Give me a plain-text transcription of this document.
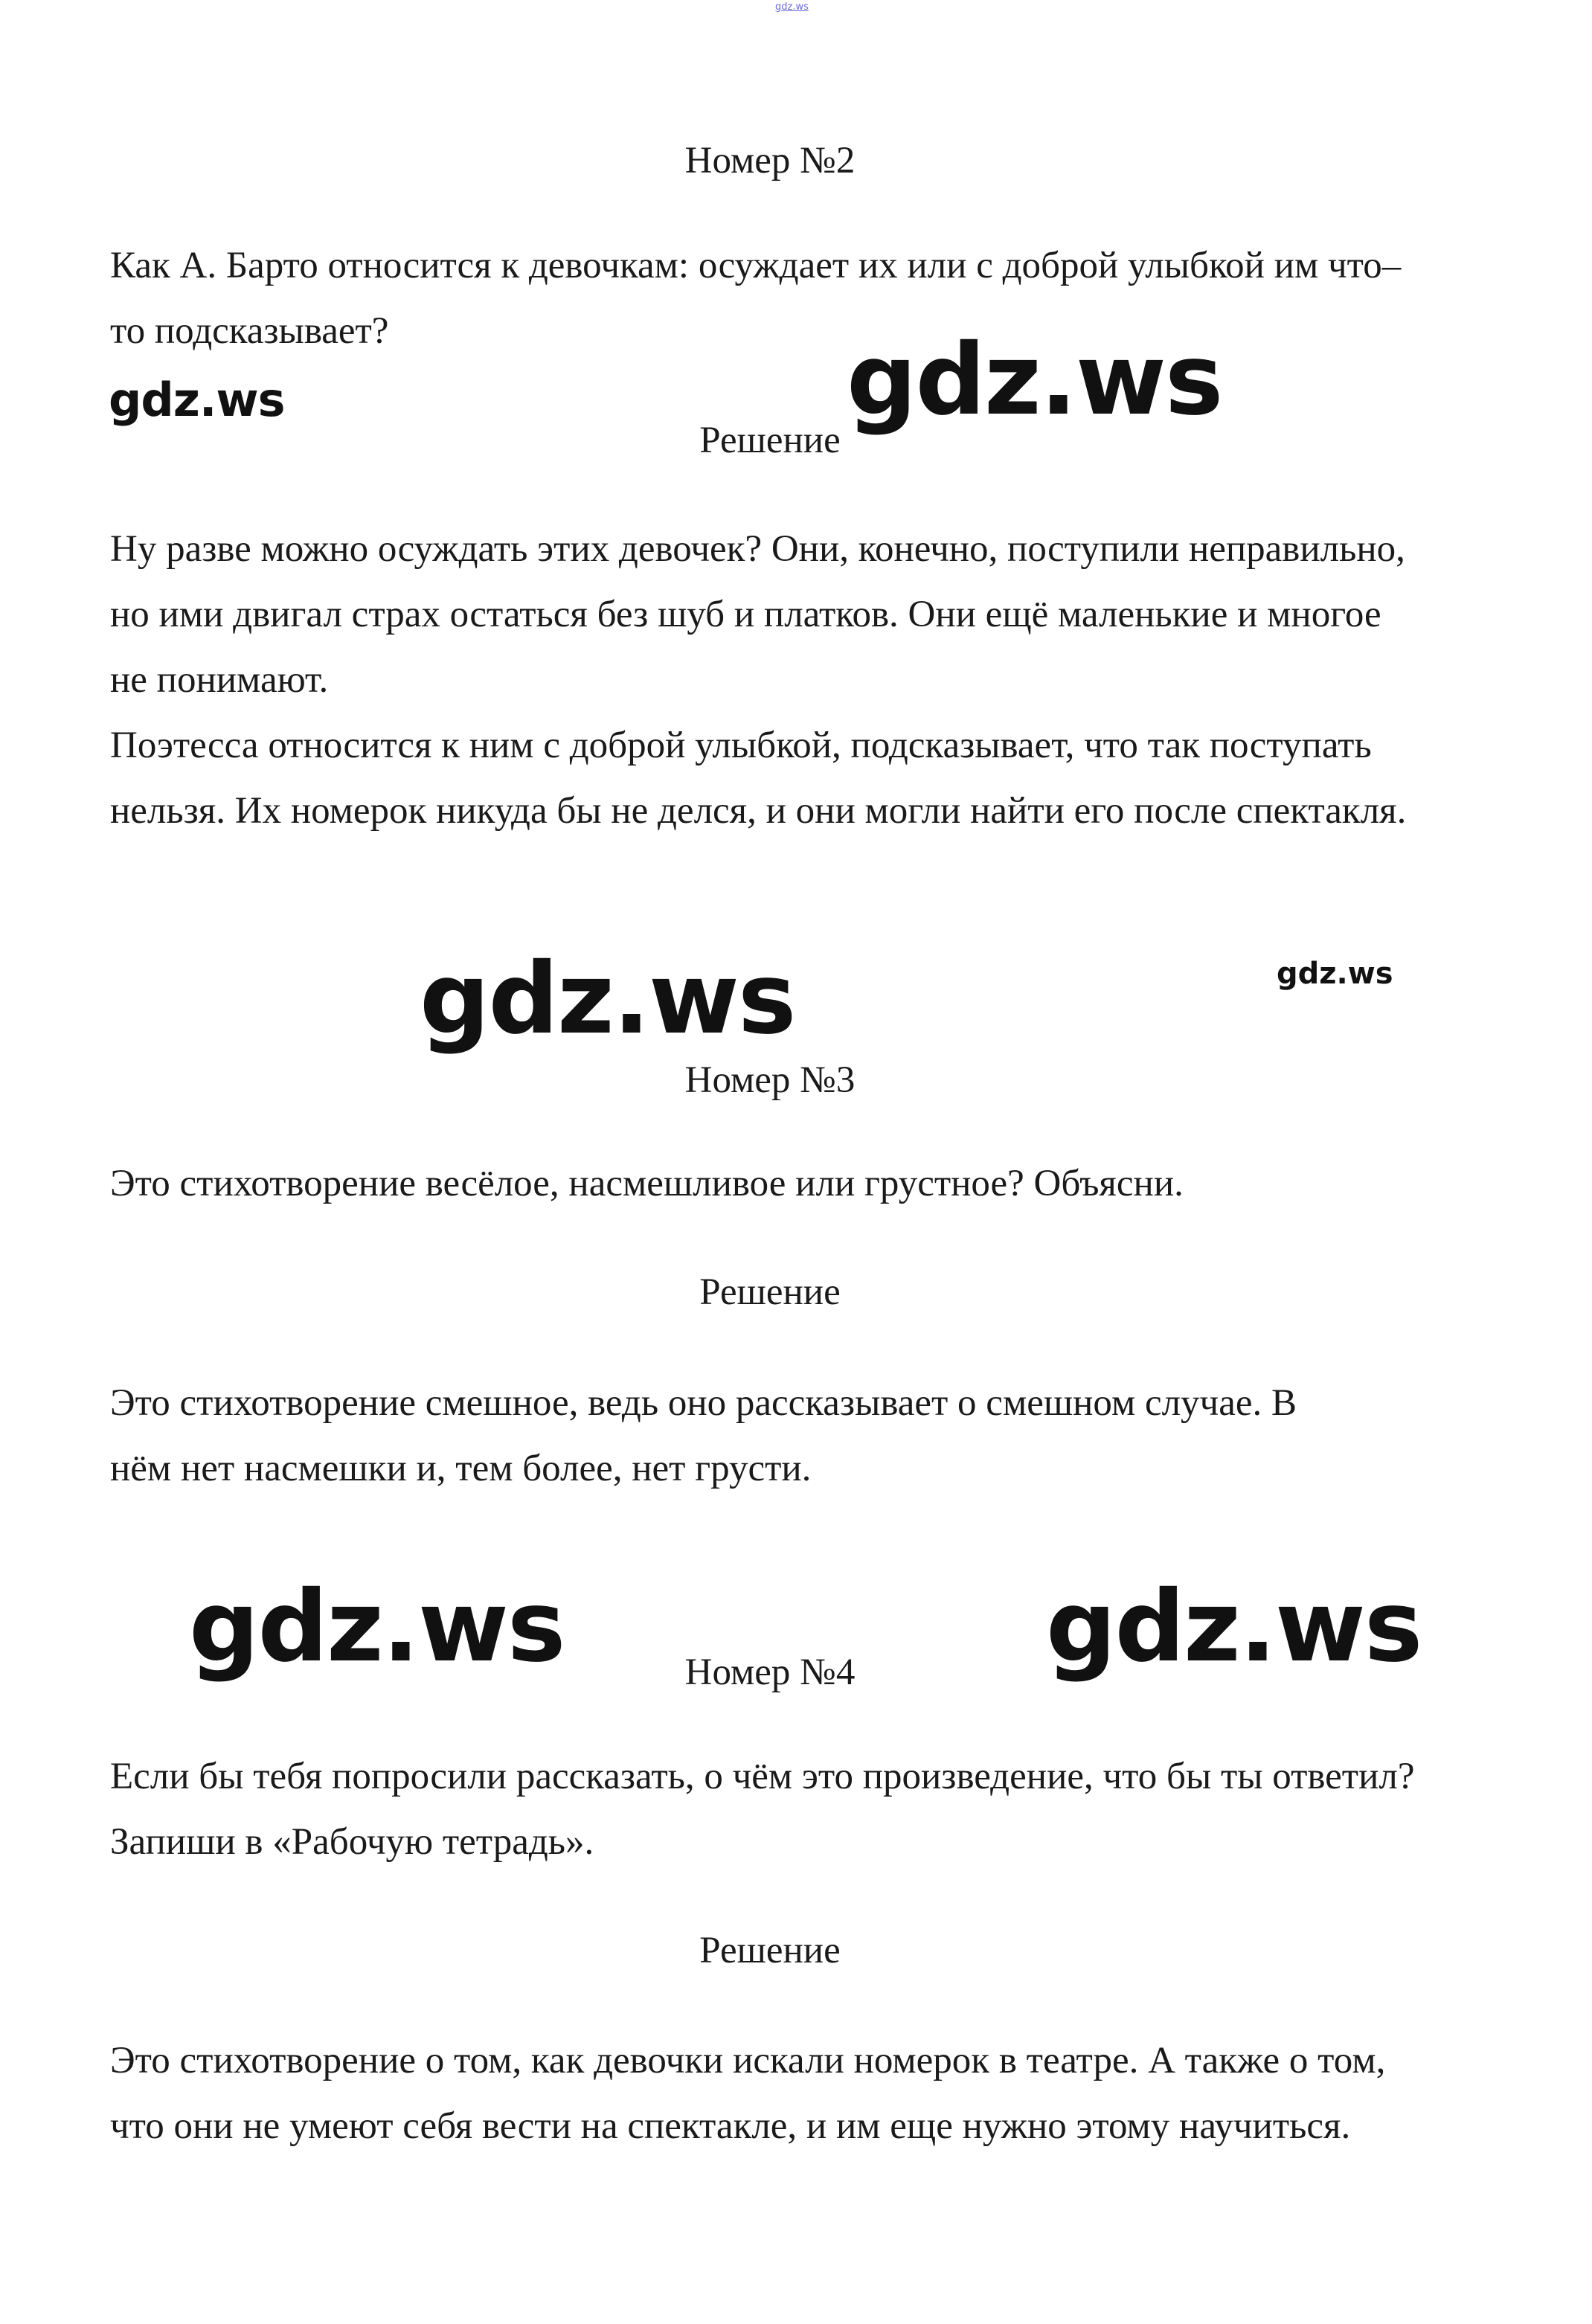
gdz.ws
Номер №2

Как А. Барто относится к девочкам: осуждает их или с доброй улыбкой им что–то подсказывает?

Решение

Ну разве можно осуждать этих девочек? Они, конечно, поступили неправильно, но ими двигал страх остаться без шуб и платков. Они ещё маленькие и многое не понимают.
Поэтесса относится к ним с доброй улыбкой, подсказывает, что так поступать нельзя. Их номерок никуда бы не делся, и они могли найти его после спектакля.

Номер №3

Это стихотворение весёлое, насмешливое или грустное? Объясни.

Решение

Это стихотворение смешное, ведь оно рассказывает о смешном случае. В нём нет насмешки и, тем более, нет грусти.

Номер №4

Если бы тебя попросили рассказать, о чём это произведение, что бы ты ответил? Запиши в «Рабочую тетрадь».

Решение

Это стихотворение о том, как девочки искали номерок в театре. А также о том, что они не умеют себя вести на спектакле, и им еще нужно этому научиться.

gdz.ws
gdz.ws
gdz.ws	gdz.ws
gdz.ws	gdz.ws
